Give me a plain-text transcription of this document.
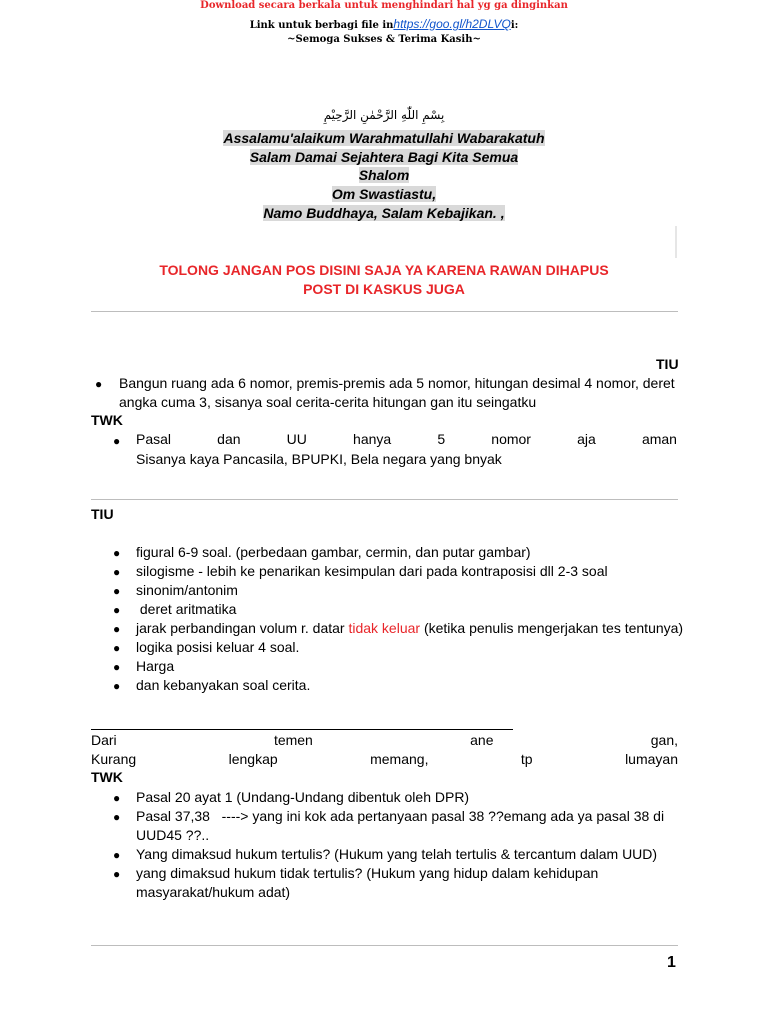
Download secara berkala untuk menghindari hal yg ga dinginkan
Link untuk berbagi file inhttps://goo.gl/h2DLVQi:
~Semoga Sukses & Terima Kasih~
بِسْمِ اللّٰهِ الرَّحْمٰنِ الرَّحِيْمِ
Assalamu'alaikum Warahmatullahi Wabarakatuh
Salam Damai Sejahtera Bagi Kita Semua
Shalom
Om Swastiastu,
Namo Buddhaya, Salam Kebajikan. ,
TOLONG JANGAN POS DISINI SAJA YA KARENA RAWAN DIHAPUS
POST DI KASKUS JUGA
TIU
● Bangun ruang ada 6 nomor, premis-premis ada 5 nomor, hitungan desimal 4 nomor, deret
angka cuma 3, sisanya soal cerita-cerita hitungan gan itu seingatku
TWK
● Pasal	dan	UU	hanya	5	nomor	aja	aman
Sisanya kaya Pancasila, BPUPKI, Bela negara yang bnyak
TIU
● figural 6-9 soal. (perbedaan gambar, cermin, dan putar gambar)
● silogisme - lebih ke penarikan kesimpulan dari pada kontraposisi dll 2-3 soal
● sinonim/antonim
● deret aritmatika
● jarak perbandingan volum r. datar tidak keluar (ketika penulis mengerjakan tes tentunya)
● logika posisi keluar 4 soal.
● Harga
● dan kebanyakan soal cerita.
Dari	temen	ane	gan,
Kurang	lengkap	memang,	tp	lumayan
TWK
● Pasal 20 ayat 1 (Undang-Undang dibentuk oleh DPR)
● Pasal 37,38   ----> yang ini kok ada pertanyaan pasal 38 ??emang ada ya pasal 38 di
UUD45 ??..
● Yang dimaksud hukum tertulis? (Hukum yang telah tertulis & tercantum dalam UUD)
● yang dimaksud hukum tidak tertulis? (Hukum yang hidup dalam kehidupan
masyarakat/hukum adat)
1
